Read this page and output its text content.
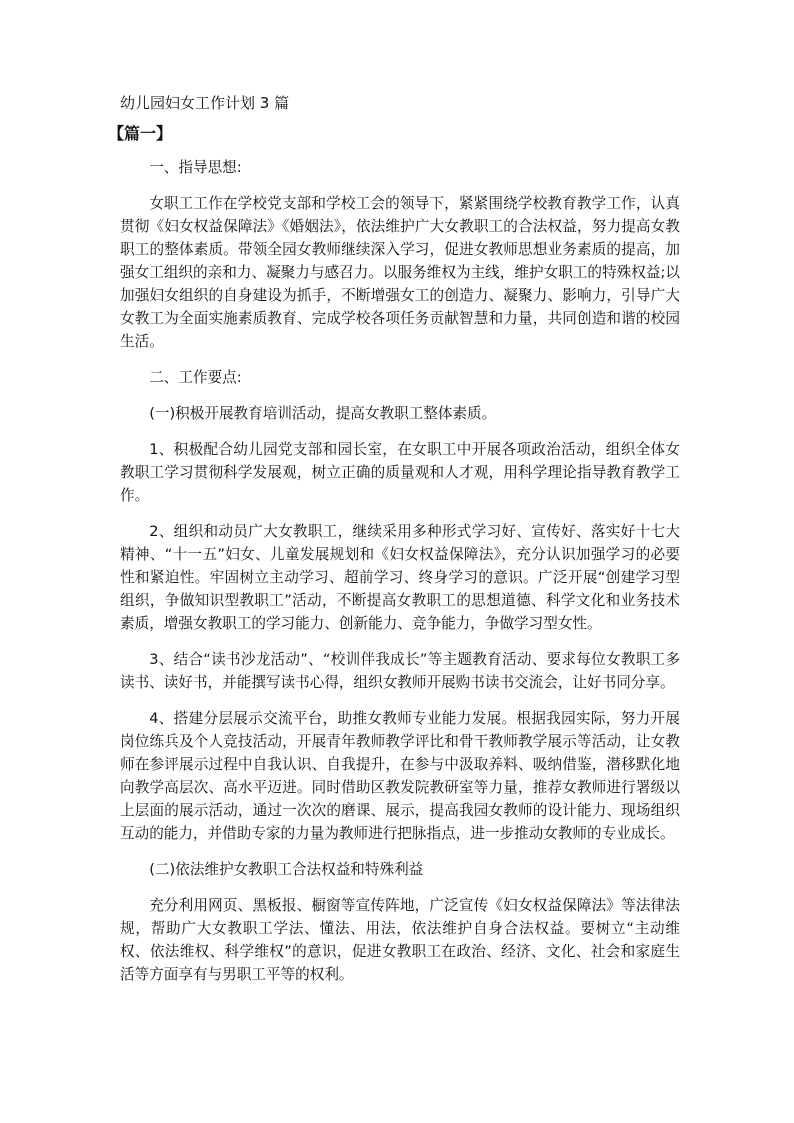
幼儿园妇女工作计划 3 篇

【篇一】

一、指导思想:

女职工工作在学校党支部和学校工会的领导下，紧紧围绕学校教育教学工作，认真贯彻《妇女权益保障法》《婚姻法》，依法维护广大女教职工的合法权益，努力提高女教职工的整体素质。带领全园女教师继续深入学习，促进女教师思想业务素质的提高，加强女工组织的亲和力、凝聚力与感召力。以服务维权为主线，维护女职工的特殊权益;以加强妇女组织的自身建设为抓手，不断增强女工的创造力、凝聚力、影响力，引导广大女教工为全面实施素质教育、完成学校各项任务贡献智慧和力量，共同创造和谐的校园生活。

二、工作要点:

(一)积极开展教育培训活动，提高女教职工整体素质。

1、积极配合幼儿园党支部和园长室，在女职工中开展各项政治活动，组织全体女教职工学习贯彻科学发展观，树立正确的质量观和人才观，用科学理论指导教育教学工作。

2、组织和动员广大女教职工，继续采用多种形式学习好、宣传好、落实好十七大精神、“十一五”妇女、儿童发展规划和《妇女权益保障法》，充分认识加强学习的必要性和紧迫性。牢固树立主动学习、超前学习、终身学习的意识。广泛开展“创建学习型组织，争做知识型教职工”活动，不断提高女教职工的思想道德、科学文化和业务技术素质，增强女教职工的学习能力、创新能力、竞争能力，争做学习型女性。

3、结合“读书沙龙活动”、“校训伴我成长”等主题教育活动、要求每位女教职工多读书、读好书，并能撰写读书心得，组织女教师开展购书读书交流会，让好书同分享。

4、搭建分层展示交流平台，助推女教师专业能力发展。根据我园实际，努力开展岗位练兵及个人竞技活动，开展青年教师教学评比和骨干教师教学展示等活动，让女教师在参评展示过程中自我认识、自我提升，在参与中汲取养料、吸纳借鉴，潜移默化地向教学高层次、高水平迈进。同时借助区教发院教研室等力量，推荐女教师进行署级以上层面的展示活动，通过一次次的磨课、展示，提高我园女教师的设计能力、现场组织互动的能力，并借助专家的力量为教师进行把脉指点，进一步推动女教师的专业成长。

(二)依法维护女教职工合法权益和特殊利益

充分利用网页、黑板报、橱窗等宣传阵地，广泛宣传《妇女权益保障法》等法律法规，帮助广大女教职工学法、懂法、用法，依法维护自身合法权益。要树立“主动维权、依法维权、科学维权”的意识，促进女教职工在政治、经济、文化、社会和家庭生活等方面享有与男职工平等的权利。
